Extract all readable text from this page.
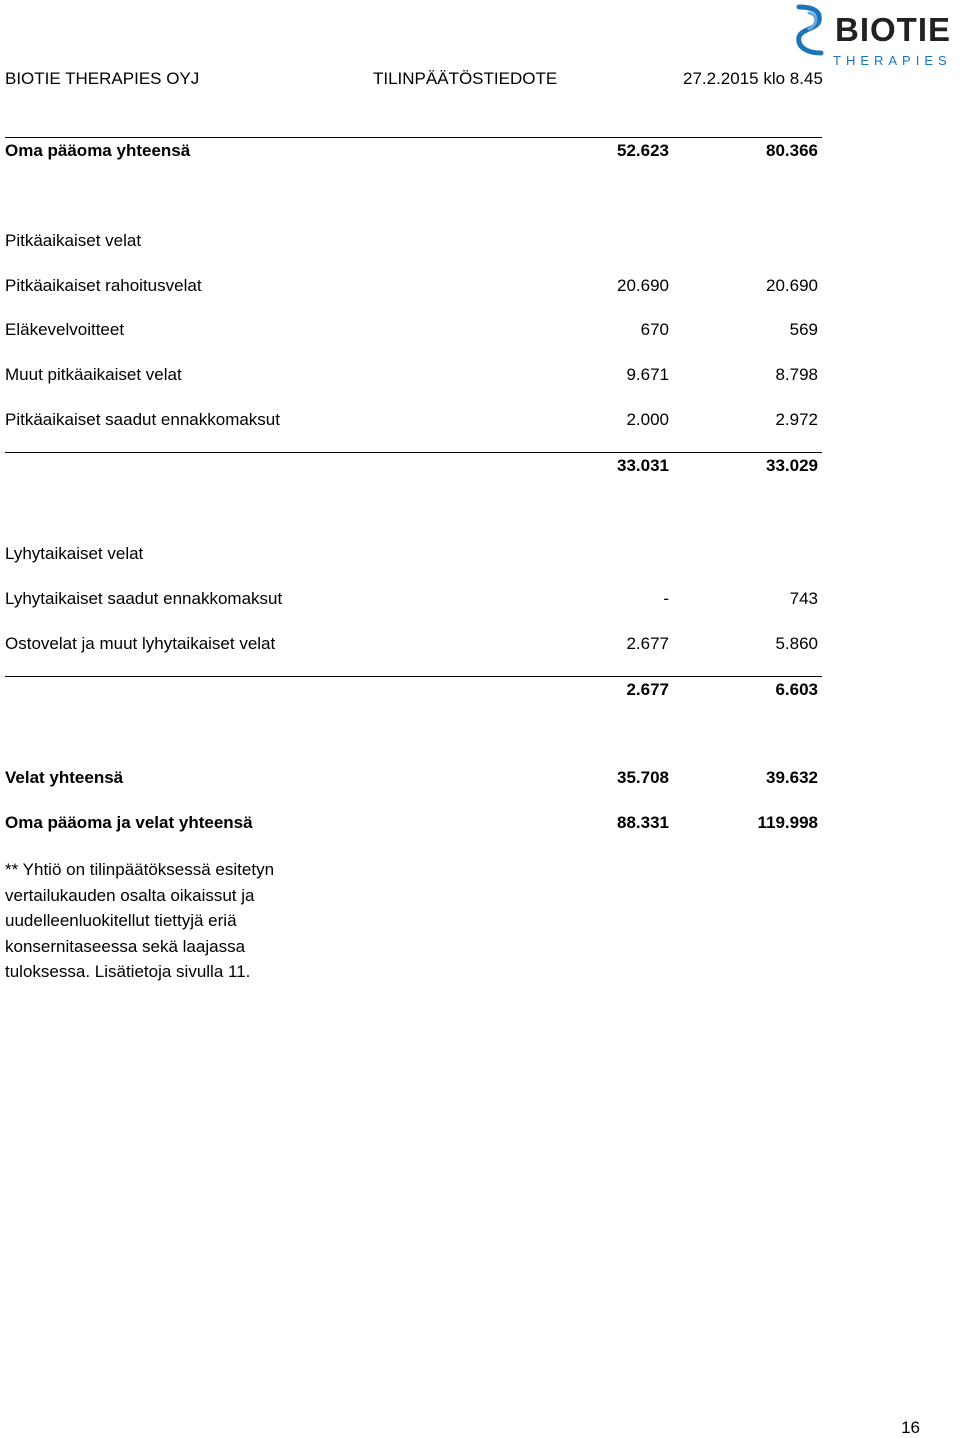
BIOTIE THERAPIES OYJ	TILINPÄÄTÖSTIEDOTE	27.2.2015 klo 8.45
BIOTIE
THERAPIES
Oma pääoma yhteensä	52.623	80.366
Pitkäaikaiset velat
Pitkäaikaiset rahoitusvelat	20.690	20.690
Eläkevelvoitteet	670	569
Muut pitkäaikaiset velat	9.671	8.798
Pitkäaikaiset saadut ennakkomaksut	2.000	2.972
33.031	33.029
Lyhytaikaiset velat
Lyhytaikaiset saadut ennakkomaksut	-	743
Ostovelat ja muut lyhytaikaiset velat	2.677	5.860
2.677	6.603
Velat yhteensä	35.708	39.632
Oma pääoma ja velat yhteensä	88.331	119.998
** Yhtiö on tilinpäätöksessä esitetyn vertailukauden osalta oikaissut ja uudelleenluokitellut tiettyjä eriä konsernitaseessa sekä laajassa tuloksessa. Lisätietoja sivulla 11.
16
